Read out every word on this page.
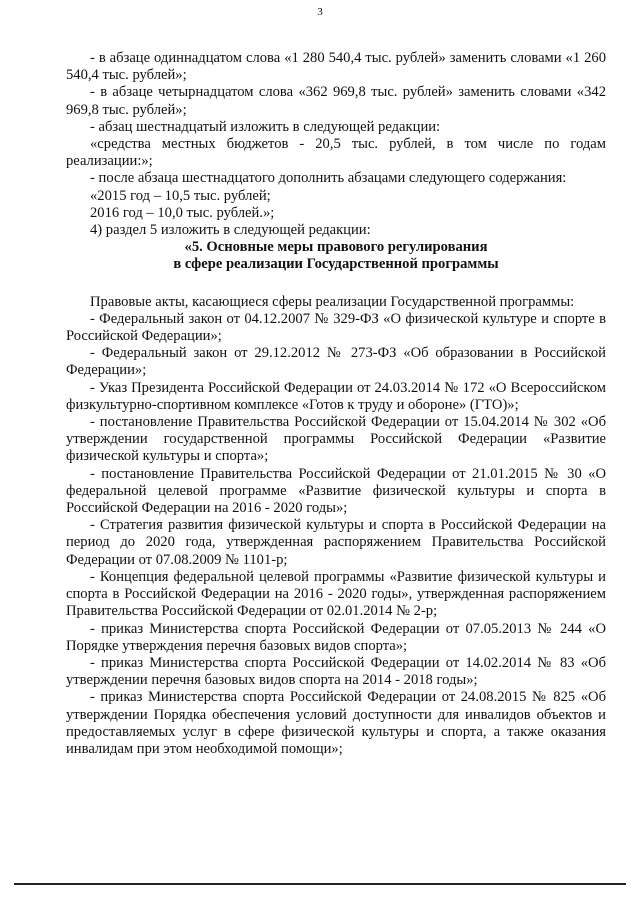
3

- в абзаце одиннадцатом слова «1 280 540,4 тыс. рублей» заменить словами «1 260 540,4 тыс. рублей»;

- в абзаце четырнадцатом слова «362 969,8 тыс. рублей» заменить словами «342 969,8 тыс. рублей»;

- абзац шестнадцатый изложить в следующей редакции:

«средства местных бюджетов - 20,5 тыс. рублей, в том числе по годам реализации:»;

- после абзаца шестнадцатого дополнить абзацами следующего содержания:

«2015 год – 10,5 тыс. рублей;

2016 год – 10,0 тыс. рублей.»;

4) раздел 5 изложить в следующей редакции:

«5. Основные меры правового регулирования

в сфере реализации Государственной программы

Правовые акты, касающиеся сферы реализации Государственной программы:

- Федеральный закон от 04.12.2007 № 329-ФЗ «О физической культуре и спорте в Российской Федерации»;

- Федеральный закон от 29.12.2012 № 273-ФЗ «Об образовании в Российской Федерации»;

- Указ Президента Российской Федерации от 24.03.2014 № 172 «О Всероссийском физкультурно-спортивном комплексе «Готов к труду и обороне» (ГТО)»;

- постановление Правительства Российской Федерации от 15.04.2014 № 302 «Об утверждении государственной программы Российской Федерации «Развитие физической культуры и спорта»;

- постановление Правительства Российской Федерации от 21.01.2015 № 30 «О федеральной целевой программе «Развитие физической культуры и спорта в Российской Федерации на 2016 - 2020 годы»;

- Стратегия развития физической культуры и спорта в Российской Федерации на период до 2020 года, утвержденная распоряжением Правительства Российской Федерации от 07.08.2009 № 1101-р;

- Концепция федеральной целевой программы «Развитие физической культуры и спорта в Российской Федерации на 2016 - 2020 годы», утвержденная распоряжением Правительства Российской Федерации от 02.01.2014 № 2-р;

- приказ Министерства спорта Российской Федерации от 07.05.2013 № 244 «О Порядке утверждения перечня базовых видов спорта»;

- приказ Министерства спорта Российской Федерации от 14.02.2014 № 83 «Об утверждении перечня базовых видов спорта на 2014 - 2018 годы»;

- приказ Министерства спорта Российской Федерации от 24.08.2015 № 825 «Об утверждении Порядка обеспечения условий доступности для инвалидов объектов и предоставляемых услуг в сфере физической культуры и спорта, а также оказания инвалидам при этом необходимой помощи»;
